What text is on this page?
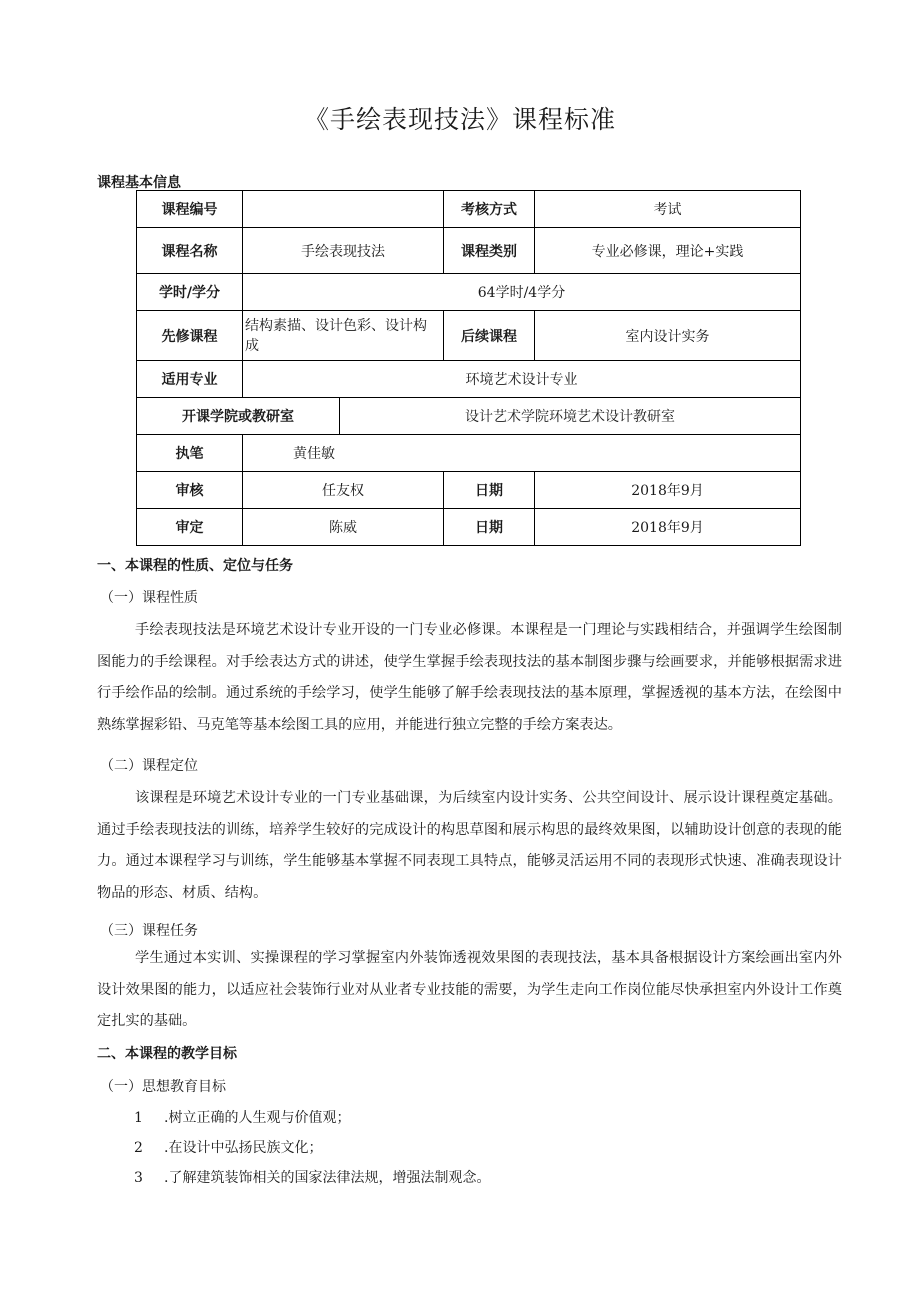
《手绘表现技法》课程标准
课程基本信息
课程编号			考核方式	考试
课程名称	手绘表现技法		课程类别	专业必修课，理论+实践
学时/学分	64学时/4学分			
先修课程	结构素描、设计色彩、设计构成		后续课程	室内设计实务
适用专业	环境艺术设计专业			
开课学院或教研室		设计艺术学院环境艺术设计教研室		
执笔	黄佳敏			
审核	任友权		日期	2018年9月
审定	陈威		日期	2018年9月
一、本课程的性质、定位与任务
（一）课程性质

手绘表现技法是环境艺术设计专业开设的一门专业必修课。本课程是一门理论与实践相结合，并强调学生绘图制图能力的手绘课程。对手绘表达方式的讲述，使学生掌握手绘表现技法的基本制图步骤与绘画要求，并能够根据需求进行手绘作品的绘制。通过系统的手绘学习，使学生能够了解手绘表现技法的基本原理，掌握透视的基本方法，在绘图中熟练掌握彩铅、马克笔等基本绘图工具的应用，并能进行独立完整的手绘方案表达。

（二）课程定位

该课程是环境艺术设计专业的一门专业基础课，为后续室内设计实务、公共空间设计、展示设计课程奠定基础。通过手绘表现技法的训练，培养学生较好的完成设计的构思草图和展示构思的最终效果图，以辅助设计创意的表现的能力。通过本课程学习与训练，学生能够基本掌握不同表现工具特点，能够灵活运用不同的表现形式快速、准确表现设计物品的形态、材质、结构。

（三）课程任务

学生通过本实训、实操课程的学习掌握室内外装饰透视效果图的表现技法，基本具备根据设计方案绘画出室内外设计效果图的能力，以适应社会装饰行业对从业者专业技能的需要，为学生走向工作岗位能尽快承担室内外设计工作奠定扎实的基础。

二、本课程的教学目标
（一）思想教育目标
1 .树立正确的人生观与价值观；
2 .在设计中弘扬民族文化；
3 .了解建筑装饰相关的国家法律法规，增强法制观念。
